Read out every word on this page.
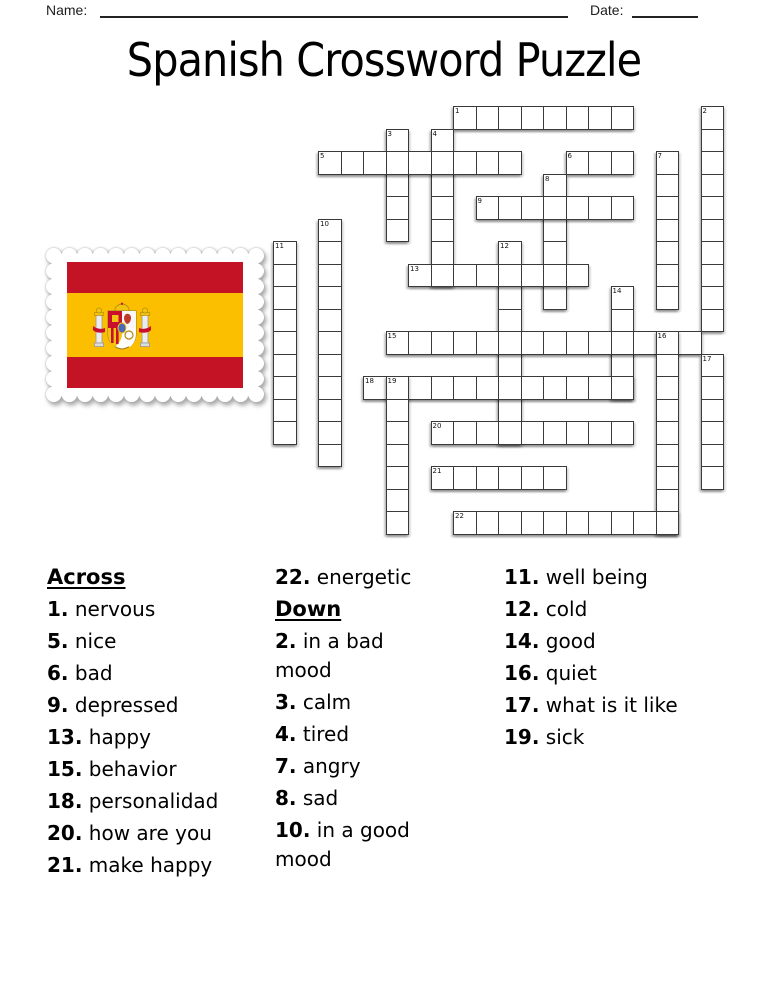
Name:	Date:
Spanish Crossword Puzzle
1	2
3	4
5	6	7
8
9
10
11	12
13
14
15	16
17
18 19
20
21
22
Across
1. nervous
5. nice
6. bad
9. depressed
13. happy
15. behavior
18. personalidad
20. how are you
21. make happy
22. energetic
Down
2. in a bad mood
3. calm
4. tired
7. angry
8. sad
10. in a good mood
11. well being
12. cold
14. good
16. quiet
17. what is it like
19. sick
